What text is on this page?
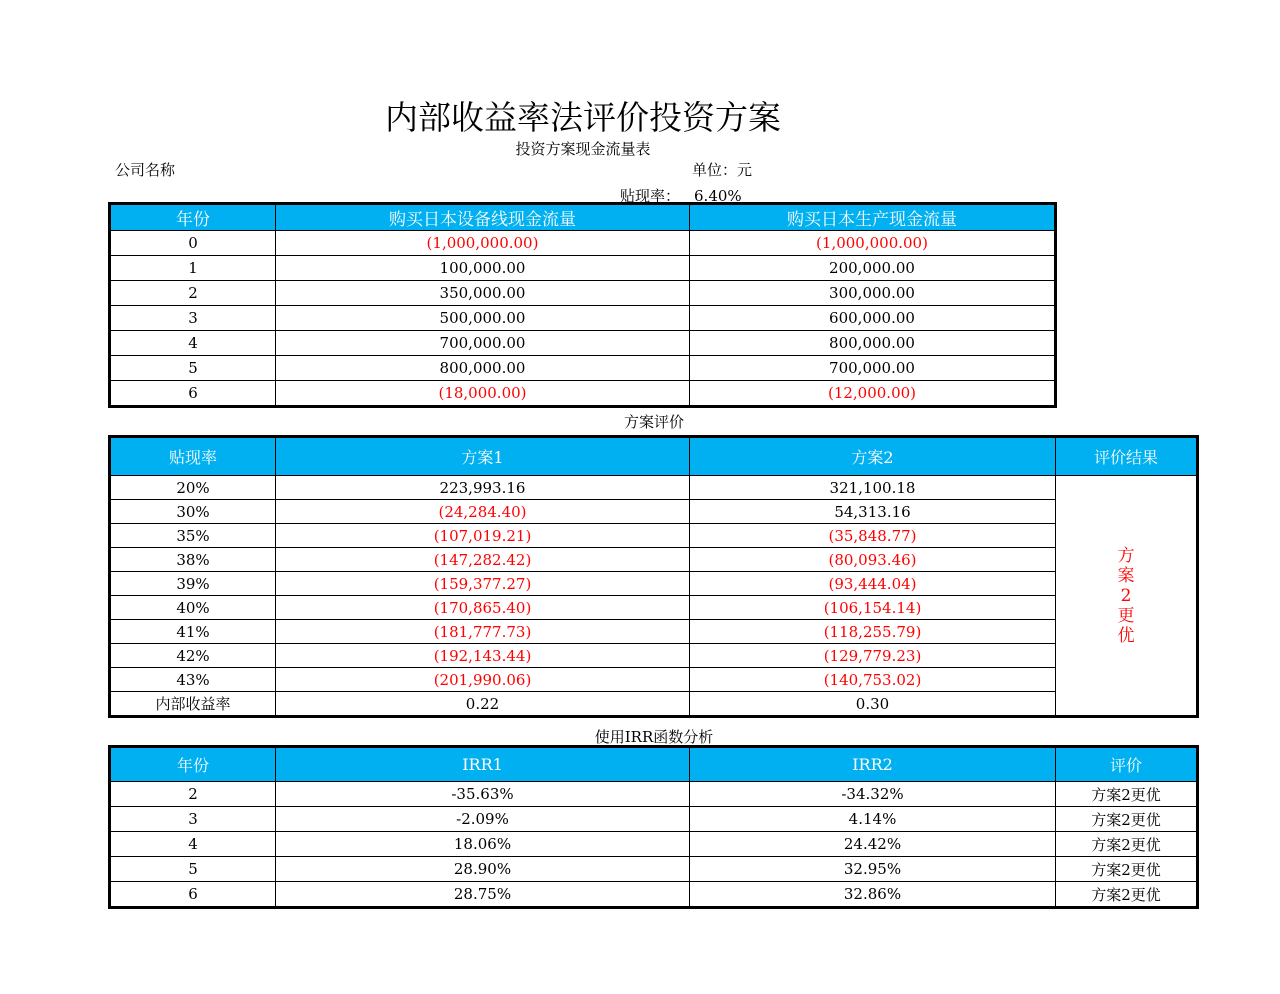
内部收益率法评价投资方案
投资方案现金流量表
公司名称	单位：元
贴现率： 6.40%
年份	购买日本设备线现金流量	购买日本生产现金流量
0	(1,000,000.00)	(1,000,000.00)
1	100,000.00	200,000.00
2	350,000.00	300,000.00
3	500,000.00	600,000.00
4	700,000.00	800,000.00
5	800,000.00	700,000.00
6	(18,000.00)	(12,000.00)
方案评价
贴现率	方案1	方案2	评价结果
20%	223,993.16	321,100.18	方案2更优
30%	(24,284.40)	54,313.16	
35%	(107,019.21)	(35,848.77)	
38%	(147,282.42)	(80,093.46)	
39%	(159,377.27)	(93,444.04)	
40%	(170,865.40)	(106,154.14)	
41%	(181,777.73)	(118,255.79)	
42%	(192,143.44)	(129,779.23)	
43%	(201,990.06)	(140,753.02)	
内部收益率	0.22	0.30	
使用IRR函数分析
年份	IRR1	IRR2	评价
2	-35.63%	-34.32%	方案2更优
3	-2.09%	4.14%	方案2更优
4	18.06%	24.42%	方案2更优
5	28.90%	32.95%	方案2更优
6	28.75%	32.86%	方案2更优
